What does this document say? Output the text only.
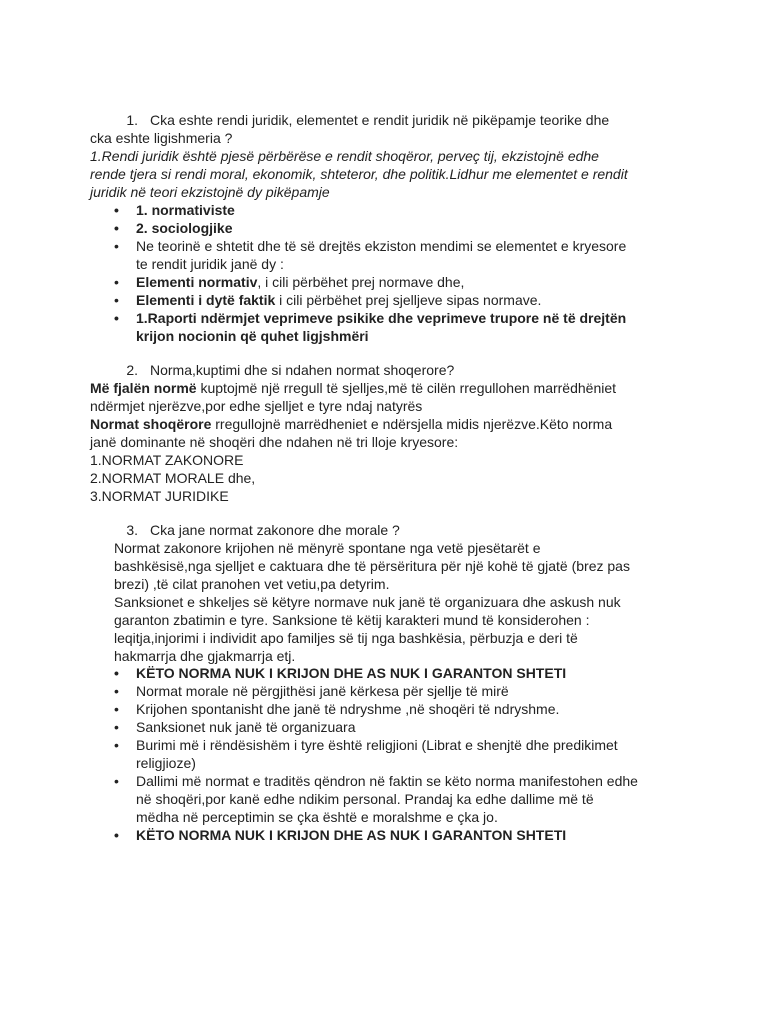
1. Cka eshte rendi juridik, elementet e rendit juridik në pikëpamje teorike dhe

cka eshte ligishmeria ?

1.Rendi juridik është pjesë përbërëse e rendit shoqëror, perveç tij, ekzistojnë edhe

rende tjera si rendi moral, ekonomik, shteteror, dhe politik.Lidhur me elementet e rendit

juridik në teori ekzistojnë dy pikëpamje

• 1. normativiste
• 2. sociologjike
• Ne teorinë e shtetit dhe të së drejtës ekziston mendimi se elementet e kryesore
te rendit juridik janë dy :
• Elementi normativ, i cili përbëhet prej normave dhe,
• Elementi i dytë faktik i cili përbëhet prej sjelljeve sipas normave.
• 1.Raporti ndërmjet veprimeve psikike dhe veprimeve trupore në të drejtën
krijon nocionin që quhet ligjshmëri

2. Norma,kuptimi dhe si ndahen normat shoqerore?

Më fjalën normë kuptojmë një rregull të sjelljes,më të cilën rregullohen marrëdhëniet

ndërmjet njerëzve,por edhe sjelljet e tyre ndaj natyrës

Normat shoqërore rregullojnë marrëdheniet e ndërsjella midis njerëzve.Këto norma

janë dominante në shoqëri dhe ndahen në tri lloje kryesore:

1.NORMAT ZAKONORE

2.NORMAT MORALE dhe,

3.NORMAT JURIDIKE

3. Cka jane normat zakonore dhe morale ?

Normat zakonore krijohen në mënyrë spontane nga vetë pjesëtarët e

bashkësisë,nga sjelljet e caktuara dhe të përsëritura për një kohë të gjatë (brez pas

brezi) ,të cilat pranohen vet vetiu,pa detyrim.

Sanksionet e shkeljes së këtyre normave nuk janë të organizuara dhe askush nuk

garanton zbatimin e tyre. Sanksione të këtij karakteri mund të konsiderohen :

leqitja,injorimi i individit apo familjes së tij nga bashkësia, përbuzja e deri të

hakmarrja dhe gjakmarrja etj.

• KËTO NORMA NUK I KRIJON DHE AS NUK I GARANTON SHTETI
• Normat morale në përgjithësi janë kërkesa për sjellje të mirë
• Krijohen spontanisht dhe janë të ndryshme ,në shoqëri të ndryshme.
• Sanksionet nuk janë të organizuara
• Burimi më i rëndësishëm i tyre është religjioni (Librat e shenjtë dhe predikimet
religjioze)
• Dallimi më normat e traditës qëndron në faktin se këto norma manifestohen edhe
në shoqëri,por kanë edhe ndikim personal. Prandaj ka edhe dallime më të
mëdha në perceptimin se çka është e moralshme e çka jo.
• KËTO NORMA NUK I KRIJON DHE AS NUK I GARANTON SHTETI
